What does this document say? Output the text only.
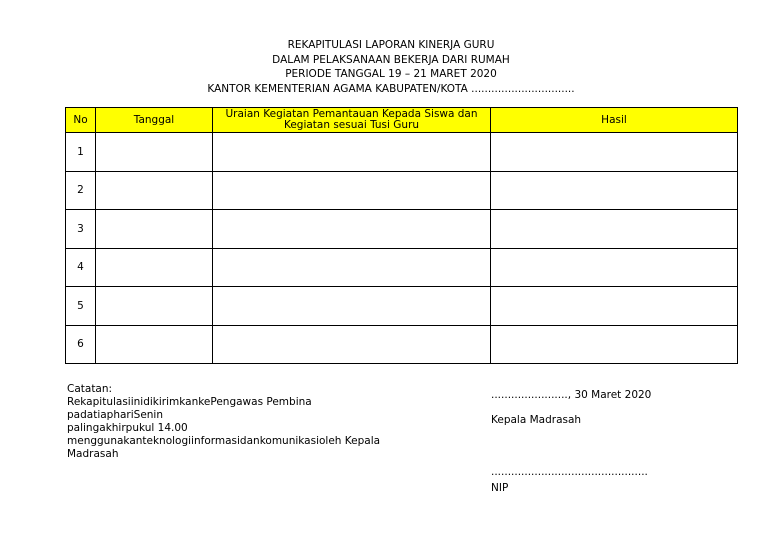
REKAPITULASI LAPORAN KINERJA GURU
DALAM PELAKSANAAN BEKERJA DARI RUMAH
PERIODE TANGGAL 19 – 21 MARET 2020
KANTOR KEMENTERIAN AGAMA KABUPATEN/KOTA ...............................
No	Tanggal	Uraian Kegiatan Pemantauan Kepada Siswa dan Kegiatan sesuai Tusi Guru	Hasil
1			
2			
3			
4			
5			
6			
Catatan:
RekapitulasiinidikirimkankePengawas Pembina
padatiaphariSenin
palingakhirpukul 14.00
menggunakanteknologiinformasidankomunikasioleh Kepala
Madrasah
......................., 30 Maret 2020
Kepala Madrasah
...............................................
NIP
